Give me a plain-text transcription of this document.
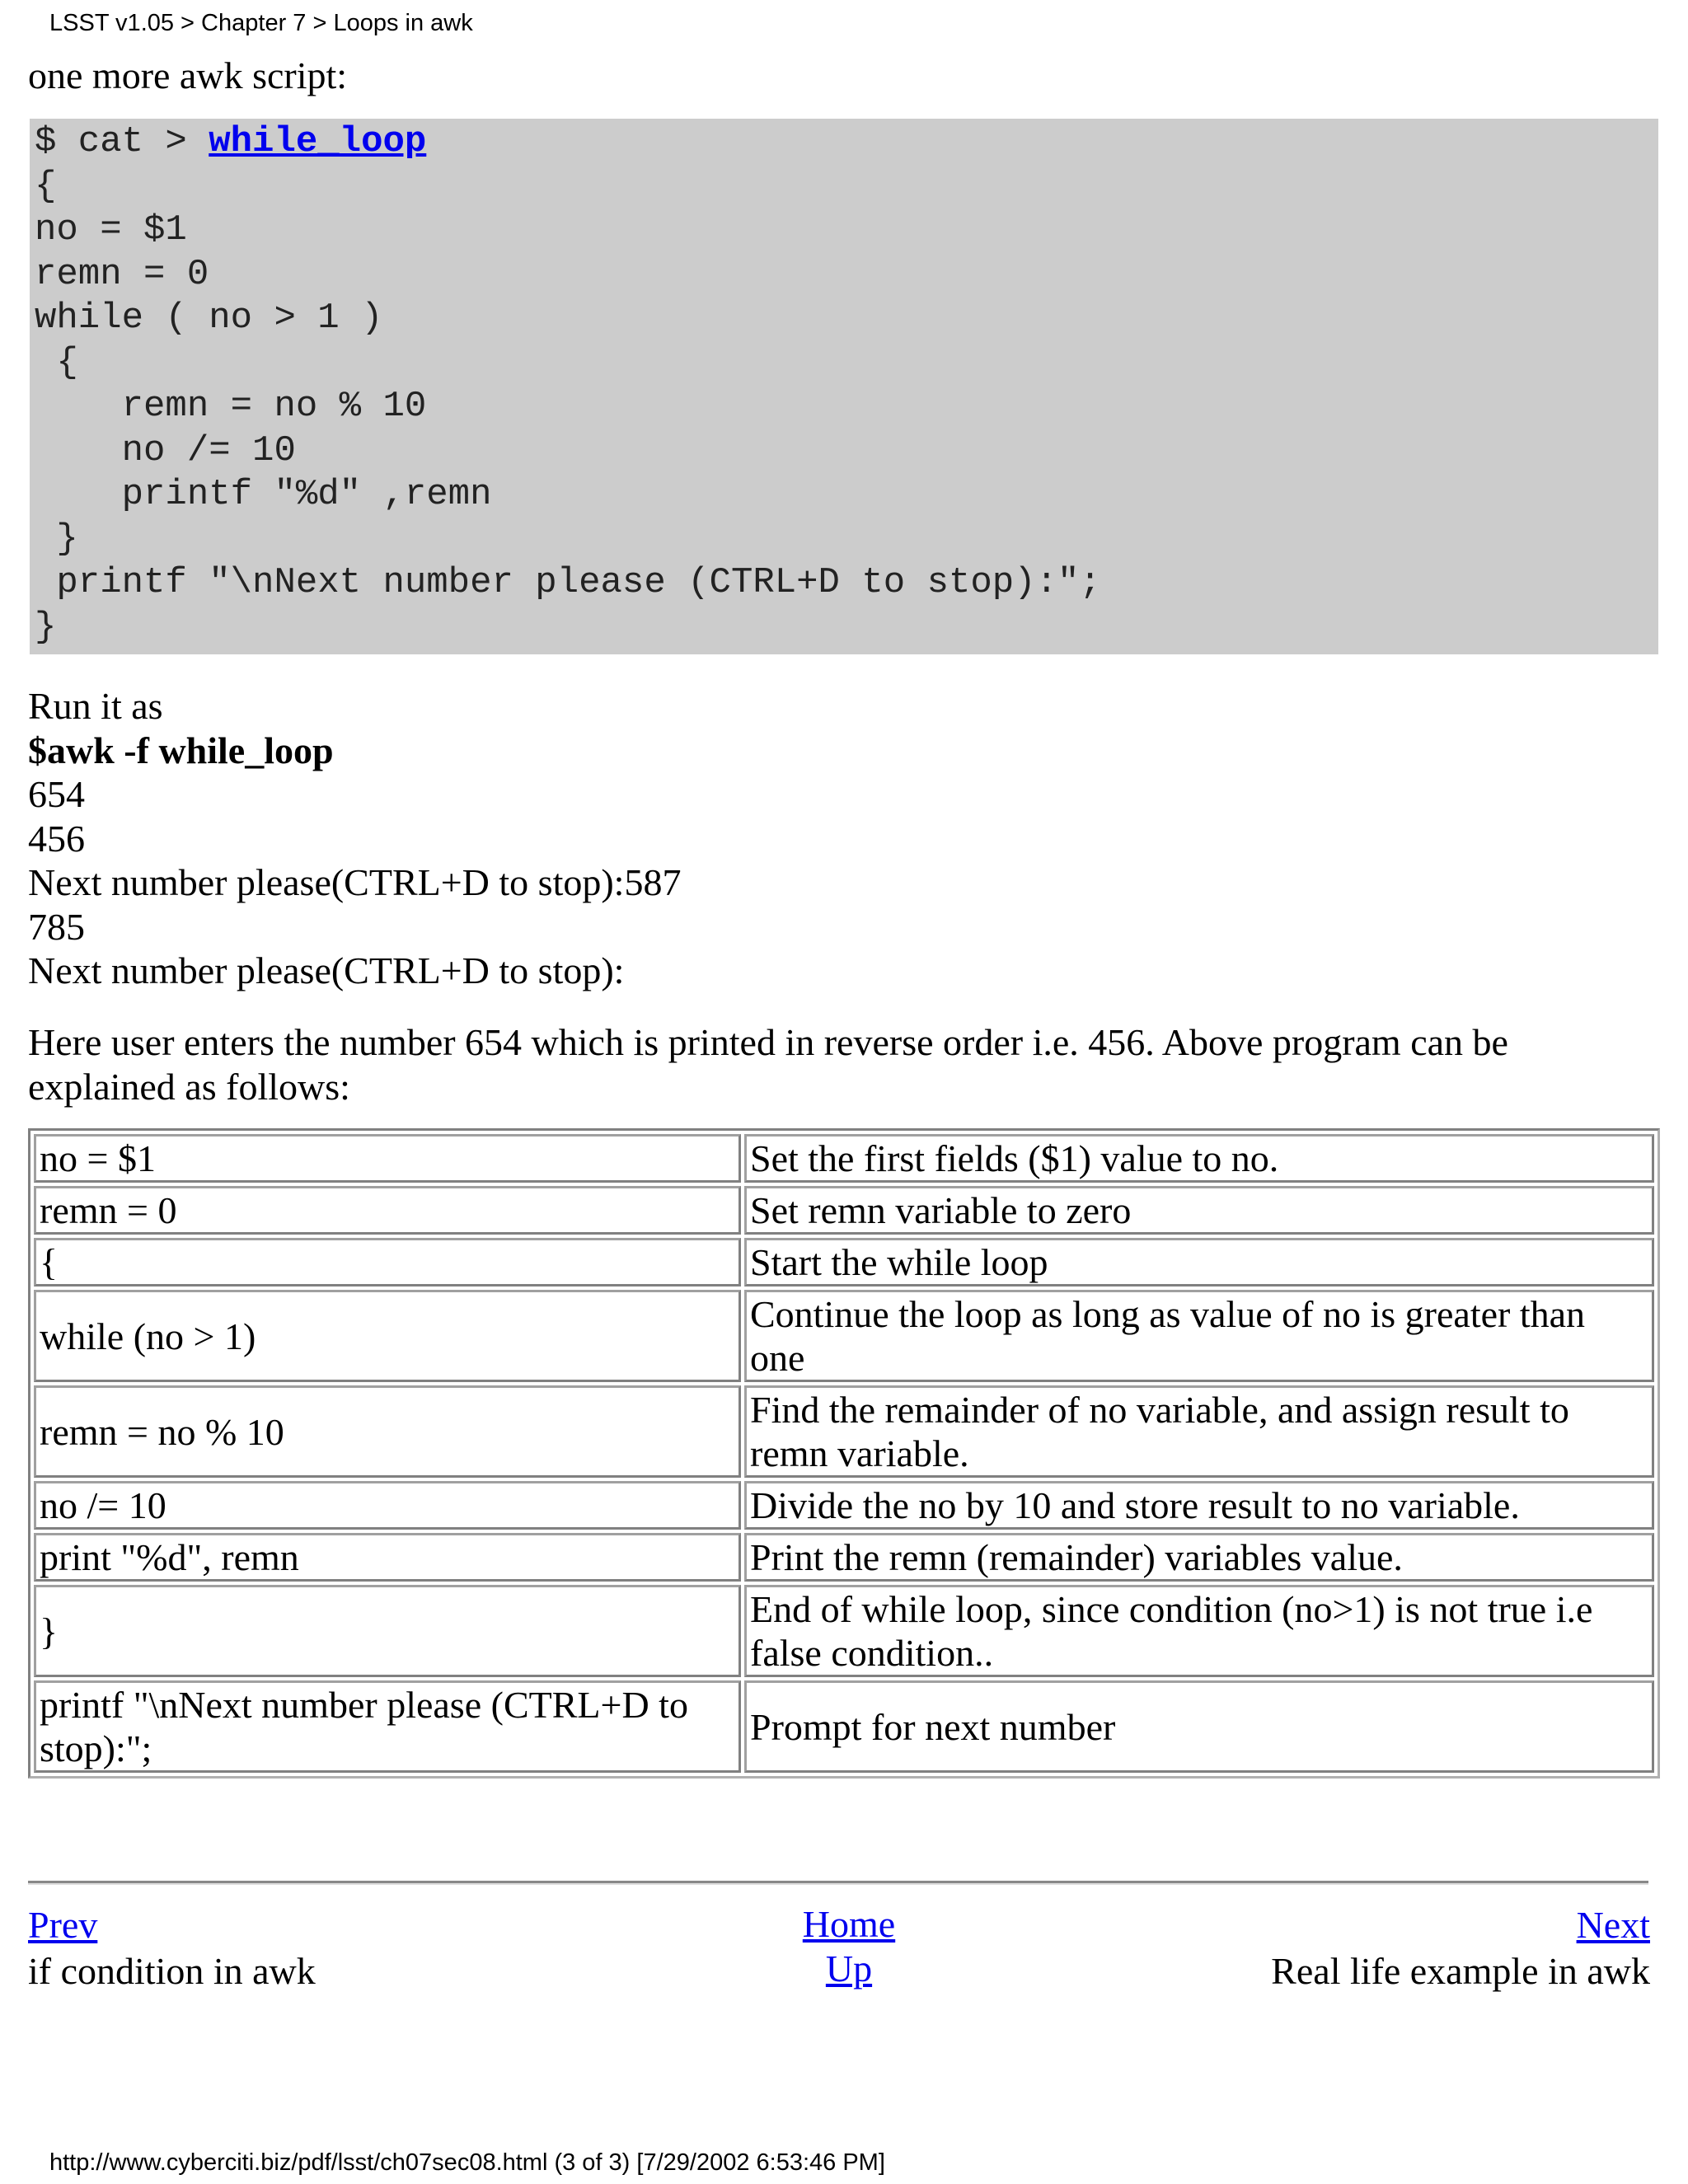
LSST v1.05 > Chapter 7 > Loops in awk
one more awk script:
$ cat > while_loop
{
no = $1
remn = 0
while ( no > 1 )
{
remn = no % 10
no /= 10
printf "%d" ,remn
}
printf "\nNext number please (CTRL+D to stop):";
}
Run it as
$awk -f while_loop
654
456
Next number please(CTRL+D to stop):587
785
Next number please(CTRL+D to stop):
Here user enters the number 654 which is printed in reverse order i.e. 456. Above program can be explained as follows:
no = $1	Set the first fields ($1) value to no.
remn = 0	Set remn variable to zero
{	Start the while loop
while (no > 1)	Continue the loop as long as value of no is greater than one
remn = no % 10	Find the remainder of no variable, and assign result to remn variable.
no /= 10	Divide the no by 10 and store result to no variable.
print "%d", remn	Print the remn (remainder) variables value.
}	End of while loop, since condition (no>1) is not true i.e false condition..
printf "\nNext number please (CTRL+D to stop):";	Prompt for next number
Prev
if condition in awk
Home
Up
Next
Real life example in awk
http://www.cyberciti.biz/pdf/lsst/ch07sec08.html (3 of 3) [7/29/2002 6:53:46 PM]
